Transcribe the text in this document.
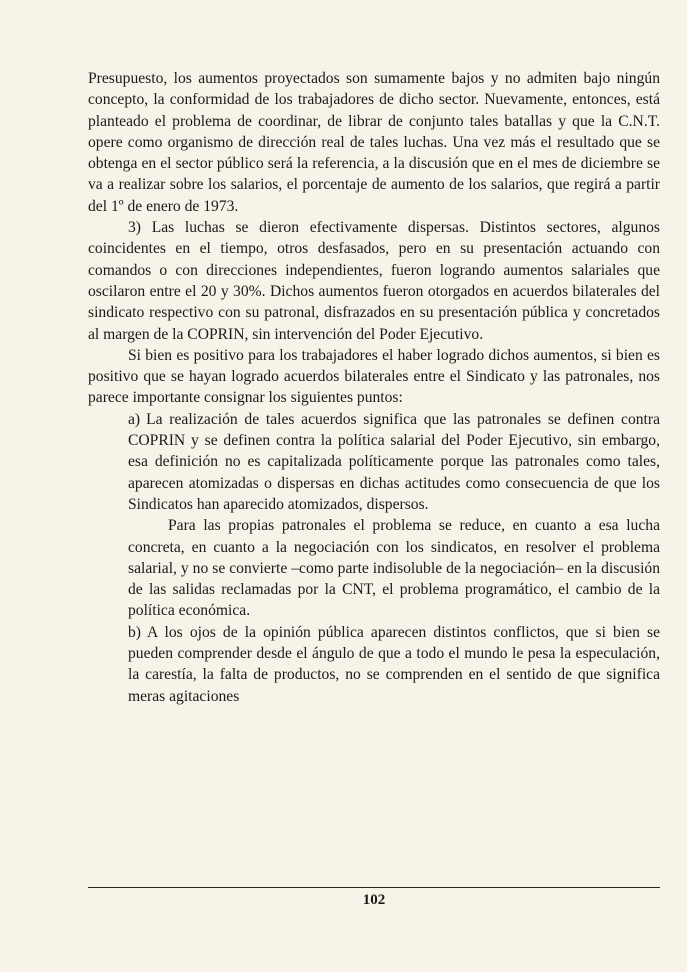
Presupuesto, los aumentos proyectados son sumamente bajos y no admiten bajo ningún concepto, la conformidad de los trabajadores de dicho sector. Nuevamente, entonces, está planteado el problema de coordinar, de librar de conjunto tales batallas y que la C.N.T. opere como organismo de dirección real de tales luchas. Una vez más el resultado que se obtenga en el sector público será la referencia, a la discusión que en el mes de diciembre se va a realizar sobre los salarios, el porcentaje de aumento de los salarios, que regirá a partir del 1º de enero de 1973.

3) Las luchas se dieron efectivamente dispersas. Distintos sectores, algunos coincidentes en el tiempo, otros desfasados, pero en su presentación actuando con comandos o con direcciones independientes, fueron logrando aumentos salariales que oscilaron entre el 20 y 30%. Dichos aumentos fueron otorgados en acuerdos bilaterales del sindicato respectivo con su patronal, disfrazados en su presentación pública y concretados al margen de la COPRIN, sin intervención del Poder Ejecutivo.

Si bien es positivo para los trabajadores el haber logrado dichos aumentos, si bien es positivo que se hayan logrado acuerdos bilaterales entre el Sindicato y las patronales, nos parece importante consignar los siguientes puntos:

a) La realización de tales acuerdos significa que las patronales se definen contra COPRIN y se definen contra la política salarial del Poder Ejecutivo, sin embargo, esa definición no es capitalizada políticamente porque las patronales como tales, aparecen atomizadas o dispersas en dichas actitudes como consecuencia de que los Sindicatos han aparecido atomizados, dispersos.

Para las propias patronales el problema se reduce, en cuanto a esa lucha concreta, en cuanto a la negociación con los sindicatos, en resolver el problema salarial, y no se convierte –como parte indisoluble de la negociación– en la discusión de las salidas reclamadas por la CNT, el problema programático, el cambio de la política económica.

b) A los ojos de la opinión pública aparecen distintos conflictos, que si bien se pueden comprender desde el ángulo de que a todo el mundo le pesa la especulación, la carestía, la falta de productos, no se comprenden en el sentido de que significa meras agitaciones

102
